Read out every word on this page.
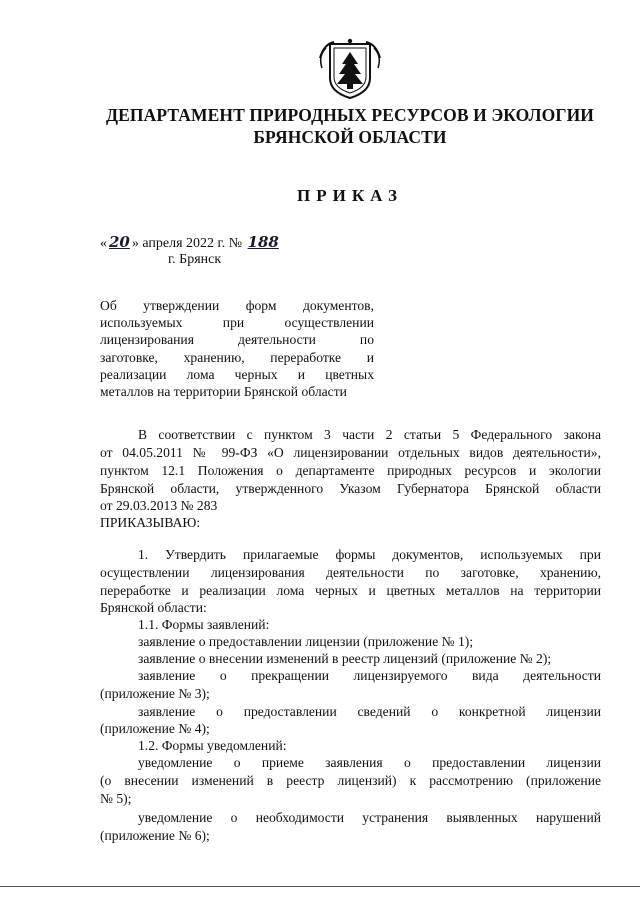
ДЕПАРТАМЕНТ ПРИРОДНЫХ РЕСУРСОВ И ЭКОЛОГИИ
БРЯНСКОЙ ОБЛАСТИ
ПРИКАЗ
« 20 » апреля 2022 г. № 188
г. Брянск
Об утверждении форм документов,
используемых при осуществлении
лицензирования деятельности по
заготовке, хранению, переработке и
реализации лома черных и цветных
металлов на территории Брянской области
В соответствии с пунктом 3 части 2 статьи 5 Федерального закона
от 04.05.2011 № 99-ФЗ «О лицензировании отдельных видов деятельности»,
пунктом 12.1 Положения о департаменте природных ресурсов и экологии
Брянской области, утвержденного Указом Губернатора Брянской области
от 29.03.2013 № 283
ПРИКАЗЫВАЮ:
1. Утвердить прилагаемые формы документов, используемых при
осуществлении лицензирования деятельности по заготовке, хранению,
переработке и реализации лома черных и цветных металлов на территории
Брянской области:
1.1. Формы заявлений:
заявление о предоставлении лицензии (приложение № 1);
заявление о внесении изменений в реестр лицензий (приложение № 2);
заявление о прекращении лицензируемого вида деятельности
(приложение № 3);
заявление о предоставлении сведений о конкретной лицензии
(приложение № 4);
1.2. Формы уведомлений:
уведомление о приеме заявления о предоставлении лицензии
(о внесении изменений в реестр лицензий) к рассмотрению (приложение
№ 5);
уведомление о необходимости устранения выявленных нарушений
(приложение № 6);
